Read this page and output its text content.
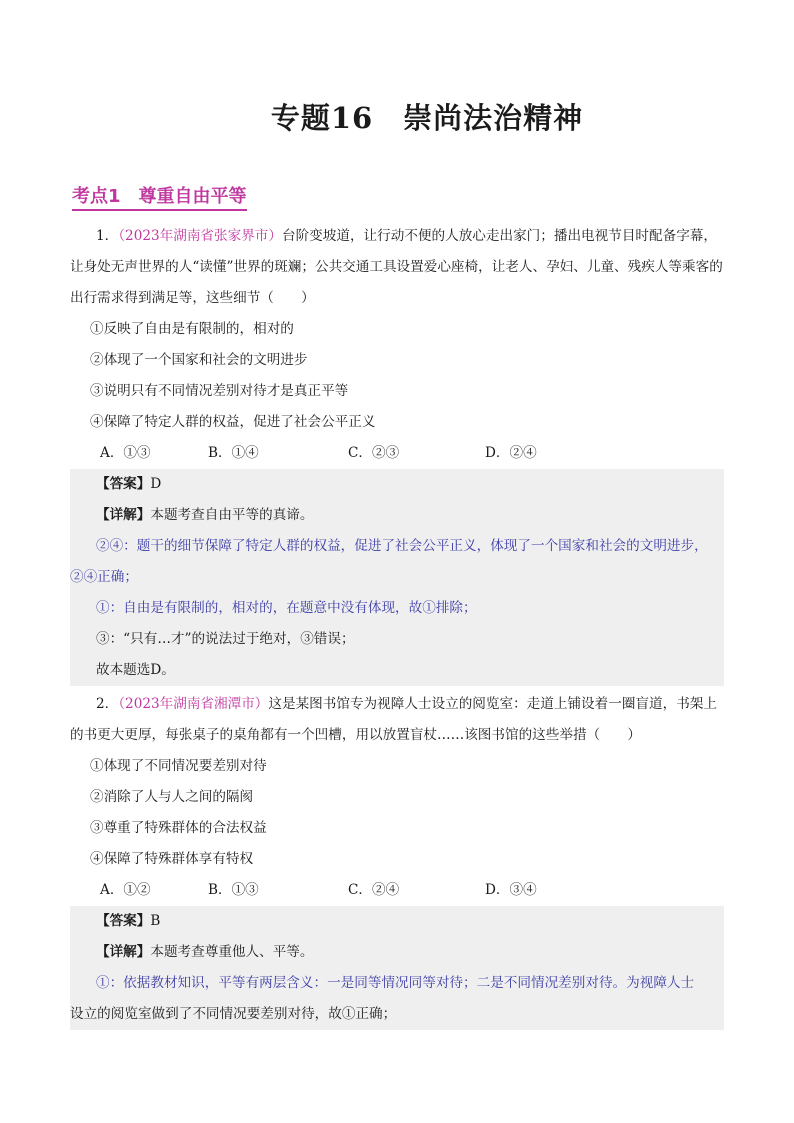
专题16　崇尚法治精神
考点1　尊重自由平等

1．（2023年湖南省张家界市）台阶变坡道，让行动不便的人放心走出家门；播出电视节目时配备字幕，让身处无声世界的人“读懂”世界的斑斓；公共交通工具设置爱心座椅，让老人、孕妇、儿童、残疾人等乘客的出行需求得到满足等，这些细节（　　）

①反映了自由是有限制的，相对的

②体现了一个国家和社会的文明进步

③说明只有不同情况差别对待才是真正平等

④保障了特定人群的权益，促进了社会公平正义

A．①③	B．①④	C．②③	D．②④

【答案】D

【详解】本题考查自由平等的真谛。

②④：题干的细节保障了特定人群的权益，促进了社会公平正义，体现了一个国家和社会的文明进步，②④正确；

①：自由是有限制的，相对的，在题意中没有体现，故①排除；

③：“只有…才”的说法过于绝对，③错误；

故本题选D。

2．（2023年湖南省湘潭市）这是某图书馆专为视障人士设立的阅览室：走道上铺设着一圈盲道，书架上的书更大更厚，每张桌子的桌角都有一个凹槽，用以放置盲杖……该图书馆的这些举措（　　）

①体现了不同情况要差别对待

②消除了人与人之间的隔阂

③尊重了特殊群体的合法权益

④保障了特殊群体享有特权

A．①②	B．①③	C．②④	D．③④

【答案】B

【详解】本题考查尊重他人、平等。

①：依据教材知识，平等有两层含义：一是同等情况同等对待；二是不同情况差别对待。为视障人士

设立的阅览室做到了不同情况要差别对待，故①正确；
